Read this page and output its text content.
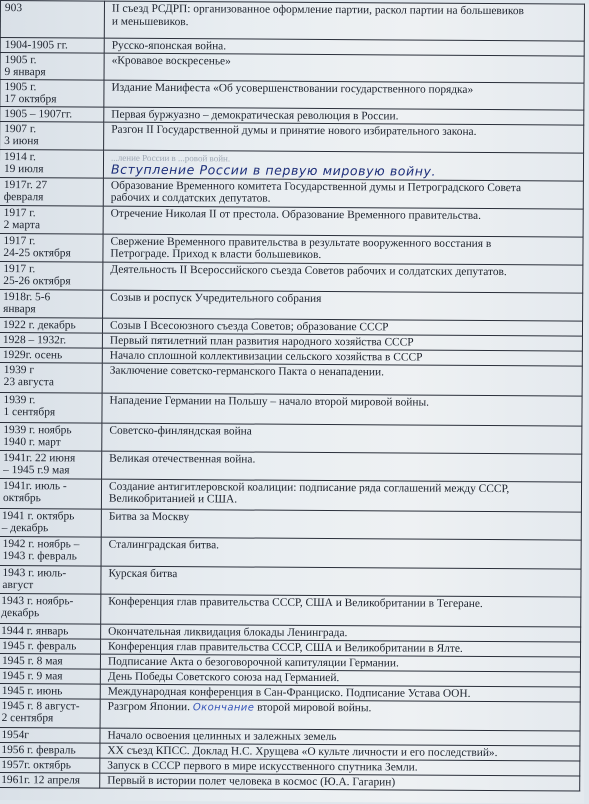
903	II съезд РСДРП: организованное оформление партии, раскол партии на большевиков
и меньшевиков.
1904-1905 гг.	Русско-японская война.
1905 г.
9 января	«Кровавое воскресенье»
1905 г.
17 октября	Издание Манифеста «Об усовершенствовании государственного порядка»
1905 – 1907гг.	Первая буржуазно – демократическая революция в России.
1907 г.
3 июня	Разгон II Государственной думы и принятие нового избирательного закона.
1914 г.
19 июля	...ление России в ...ровой войн.
Вступление России в первую мировую войну.
1917г. 27
февраля	Образование Временного комитета Государственной думы и Петроградского Совета
рабочих и солдатских депутатов.
1917 г.
2 марта	Отречение Николая II от престола. Образование Временного правительства.
1917 г.
24-25 октября	Свержение Временного правительства в результате вооруженного восстания в
Петрограде. Приход к власти большевиков.
1917 г.
25-26 октября	Деятельность II Всероссийского съезда Советов рабочих и солдатских депутатов.
1918г. 5-6
января	Созыв и роспуск Учредительного собрания
1922 г. декабрь	Созыв I Всесоюзного съезда Советов; образование СССР
1928 – 1932г.	Первый пятилетний план развития народного хозяйства СССР
1929г. осень	Начало сплошной коллективизации сельского хозяйства в СССР
1939 г
23 августа	Заключение советско-германского Пакта о ненападении.
1939 г.
1 сентября	Нападение Германии на Польшу – начало второй мировой войны.
1939 г. ноябрь
1940 г. март	Советско-финляндская война
1941г. 22 июня
– 1945 г.9 мая	Великая отечественная война.
1941г. июль -
октябрь	Создание антигитлеровской коалиции: подписание ряда соглашений между СССР,
Великобританией и США.
1941 г. октябрь
– декабрь	Битва за Москву
1942 г. ноябрь –
1943 г. февраль	Сталинградская битва.
1943 г. июль-
август	Курская битва
1943 г. ноябрь-
декабрь	Конференция глав правительства СССР, США и Великобритании в Тегеране.
1944 г. январь	Окончательная ликвидация блокады Ленинграда.
1945 г. февраль	Конференция глав правительства СССР, США и Великобритании в Ялте.
1945 г. 8 мая	Подписание Акта о безоговорочной капитуляции Германии.
1945 г. 9 мая	День Победы Советского союза над Германией.
1945 г. июнь	Международная конференция в Сан-Франциско. Подписание Устава ООН.
1945 г. 8 август-
2 сентября	Разгром Японии. Окончание второй мировой войны.
1954г	Начало освоения целинных и залежных земель
1956 г. февраль	XX съезд КПСС. Доклад Н.С. Хрущева «О культе личности и его последствий».
1957г. октябрь	Запуск в СССР первого в мире искусственного спутника Земли.
1961г. 12 апреля	Первый в истории полет человека в космос (Ю.А. Гагарин)
